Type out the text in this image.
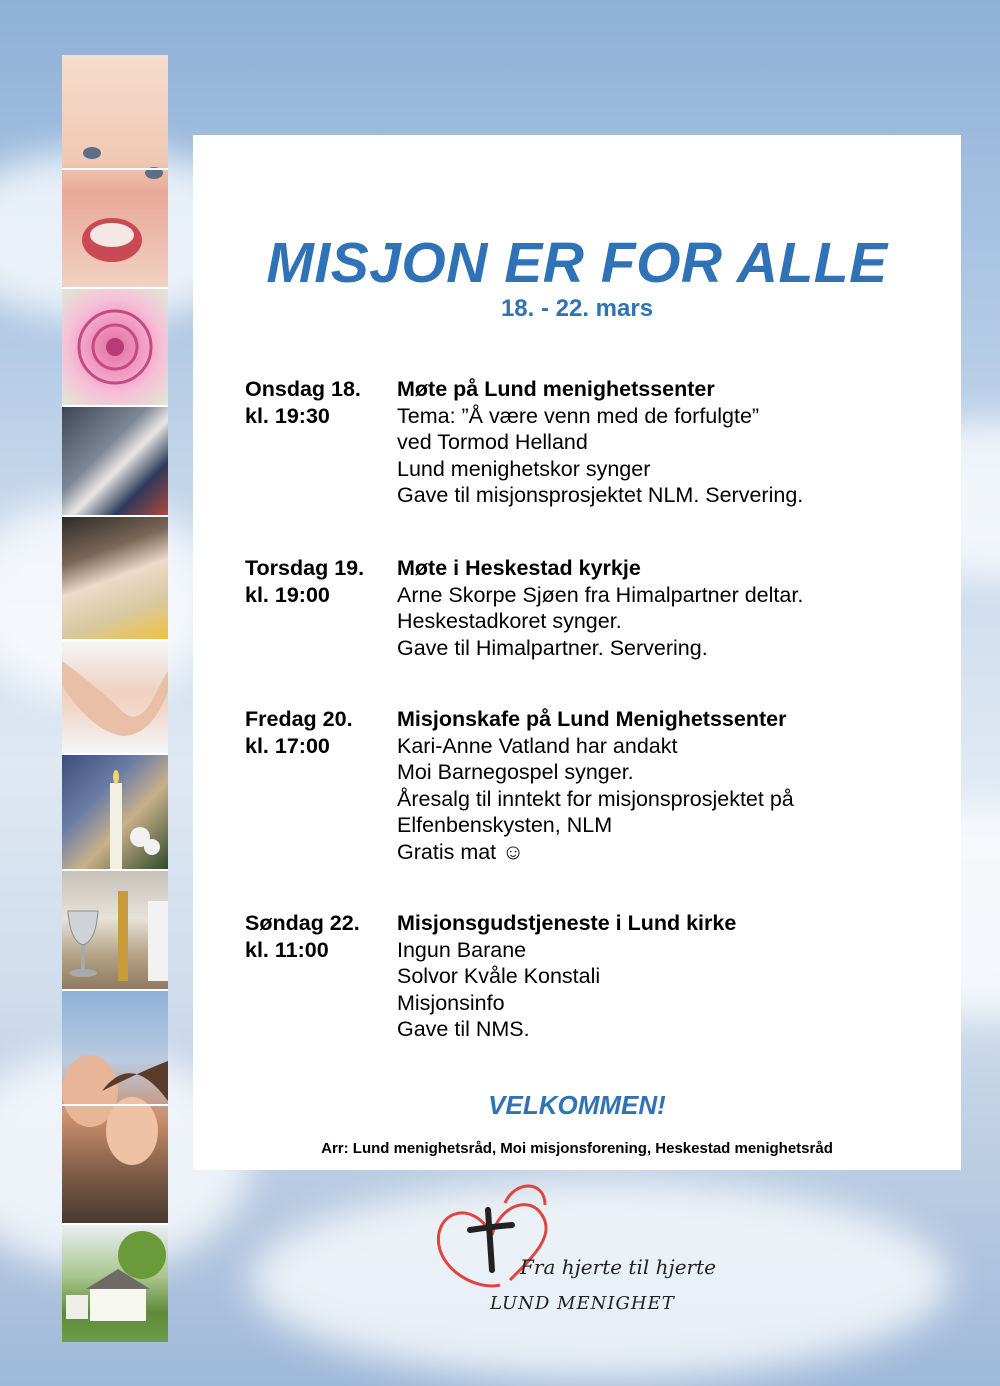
MISJON ER FOR ALLE
18. - 22. mars
Onsdag 18.
kl. 19:30
Møte på Lund menighetssenter
Tema: ”Å være venn med de forfulgte”
ved Tormod Helland
Lund menighetskor synger
Gave til misjonsprosjektet NLM. Servering.
Torsdag 19.
kl. 19:00
Møte i Heskestad kyrkje
Arne Skorpe Sjøen fra Himalpartner deltar.
Heskestadkoret synger.
Gave til Himalpartner. Servering.
Fredag 20.
kl. 17:00
Misjonskafe på Lund Menighetssenter
Kari-Anne Vatland har andakt
Moi Barnegospel synger.
Åresalg til inntekt for misjonsprosjektet på
Elfenbenskysten, NLM
Gratis mat ☺
Søndag 22.
kl. 11:00
Misjonsgudstjeneste i Lund kirke
Ingun Barane
Solvor Kvåle Konstali
Misjonsinfo
Gave til NMS.
VELKOMMEN!
Arr: Lund menighetsråd, Moi misjonsforening, Heskestad menighetsråd
Fra hjerte til hjerte
LUND MENIGHET
